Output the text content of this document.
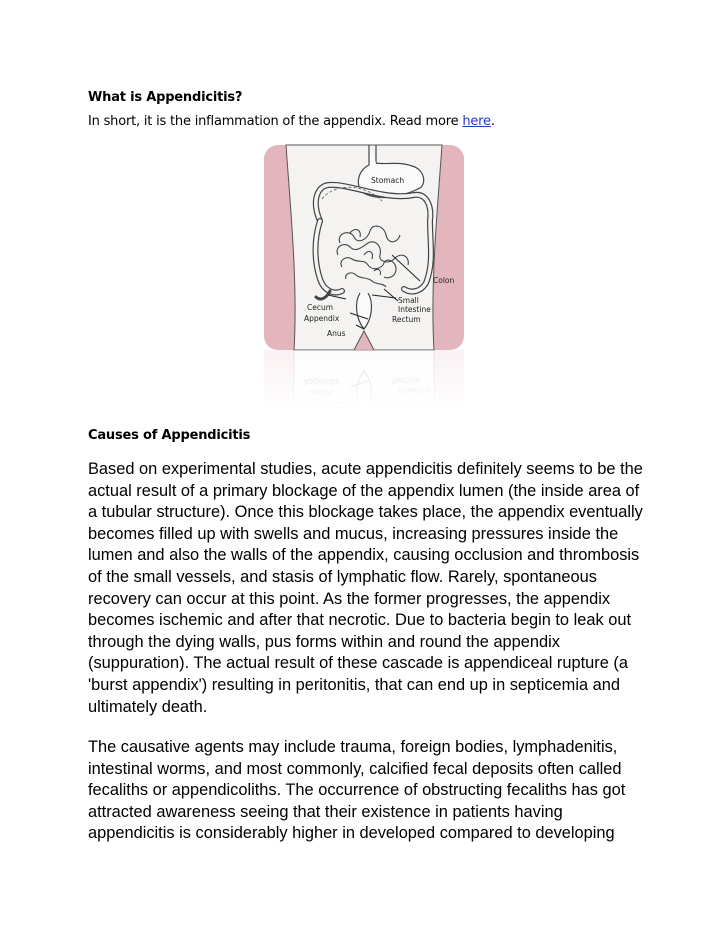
What is Appendicitis?
In short, it is the inflammation of the appendix. Read more here.
Stomach
Colon
Cecum
Appendix
Small
Intestine
Rectum
Anus
Causes of Appendicitis
Based on experimental studies, acute appendicitis definitely seems to be the actual result of a primary blockage of the appendix lumen (the inside area of a tubular structure). Once this blockage takes place, the appendix eventually becomes filled up with swells and mucus, increasing pressures inside the lumen and also the walls of the appendix, causing occlusion and thrombosis of the small vessels, and stasis of lymphatic flow. Rarely, spontaneous recovery can occur at this point. As the former progresses, the appendix becomes ischemic and after that necrotic. Due to bacteria begin to leak out through the dying walls, pus forms within and round the appendix (suppuration). The actual result of these cascade is appendiceal rupture (a 'burst appendix') resulting in peritonitis, that can end up in septicemia and ultimately death.
The causative agents may include trauma, foreign bodies, lymphadenitis, intestinal worms, and most commonly, calcified fecal deposits often called fecaliths or appendicoliths. The occurrence of obstructing fecaliths has got attracted awareness seeing that their existence in patients having appendicitis is considerably higher in developed compared to developing
